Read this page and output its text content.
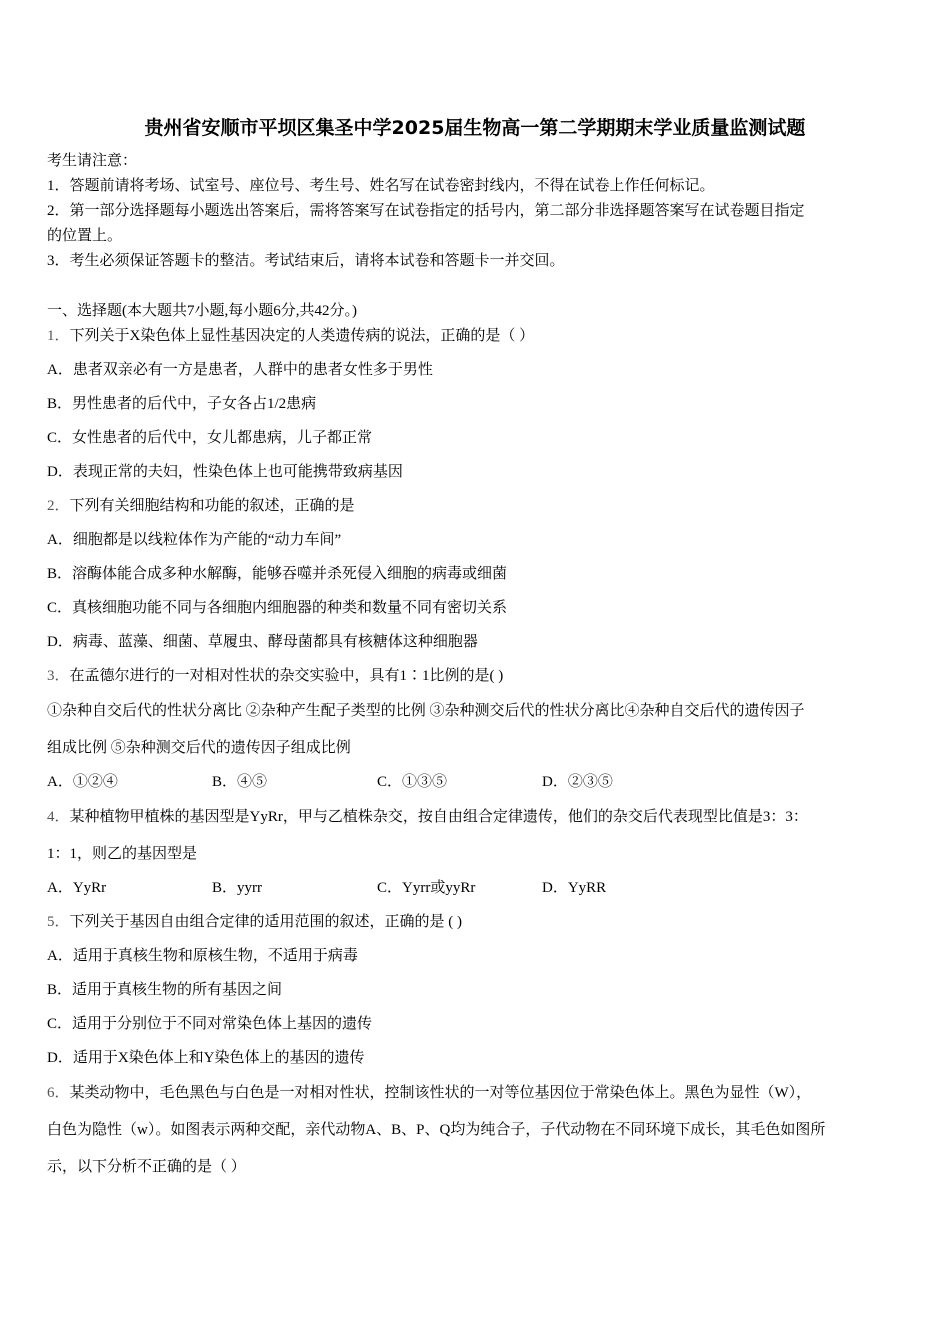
贵州省安顺市平坝区集圣中学2025届生物高一第二学期期末学业质量监测试题
考生请注意：
1．答题前请将考场、试室号、座位号、考生号、姓名写在试卷密封线内，不得在试卷上作任何标记。
2．第一部分选择题每小题选出答案后，需将答案写在试卷指定的括号内，第二部分非选择题答案写在试卷题目指定
的位置上。
3．考生必须保证答题卡的整洁。考试结束后，请将本试卷和答题卡一并交回。
一、选择题(本大题共7小题,每小题6分,共42分。)
1．下列关于X染色体上显性基因决定的人类遗传病的说法，正确的是（ ）
A．患者双亲必有一方是患者，人群中的患者女性多于男性
B．男性患者的后代中，子女各占1/2患病
C．女性患者的后代中，女儿都患病，儿子都正常
D．表现正常的夫妇，性染色体上也可能携带致病基因
2．下列有关细胞结构和功能的叙述，正确的是
A．细胞都是以线粒体作为产能的“动力车间”
B．溶酶体能合成多种水解酶，能够吞噬并杀死侵入细胞的病毒或细菌
C．真核细胞功能不同与各细胞内细胞器的种类和数量不同有密切关系
D．病毒、蓝藻、细菌、草履虫、酵母菌都具有核糖体这种细胞器
3．在孟德尔进行的一对相对性状的杂交实验中，具有1∶1比例的是( )
①杂种自交后代的性状分离比 ②杂种产生配子类型的比例 ③杂种测交后代的性状分离比④杂种自交后代的遗传因子
组成比例 ⑤杂种测交后代的遗传因子组成比例
A．①②④	B．④⑤	C．①③⑤	D．②③⑤
4．某种植物甲植株的基因型是YyRr，甲与乙植株杂交，按自由组合定律遗传，他们的杂交后代表现型比值是3：3：
1：1，则乙的基因型是
A．YyRr	B．yyrr	C．Yyrr或yyRr	D．YyRR
5．下列关于基因自由组合定律的适用范围的叙述，正确的是 ( )
A．适用于真核生物和原核生物，不适用于病毒
B．适用于真核生物的所有基因之间
C．适用于分别位于不同对常染色体上基因的遗传
D．适用于X染色体上和Y染色体上的基因的遗传
6．某类动物中，毛色黑色与白色是一对相对性状，控制该性状的一对等位基因位于常染色体上。黑色为显性（W），
白色为隐性（w）。如图表示两种交配，亲代动物A、B、P、Q均为纯合子，子代动物在不同环境下成长，其毛色如图所
示，以下分析不正确的是（ ）
